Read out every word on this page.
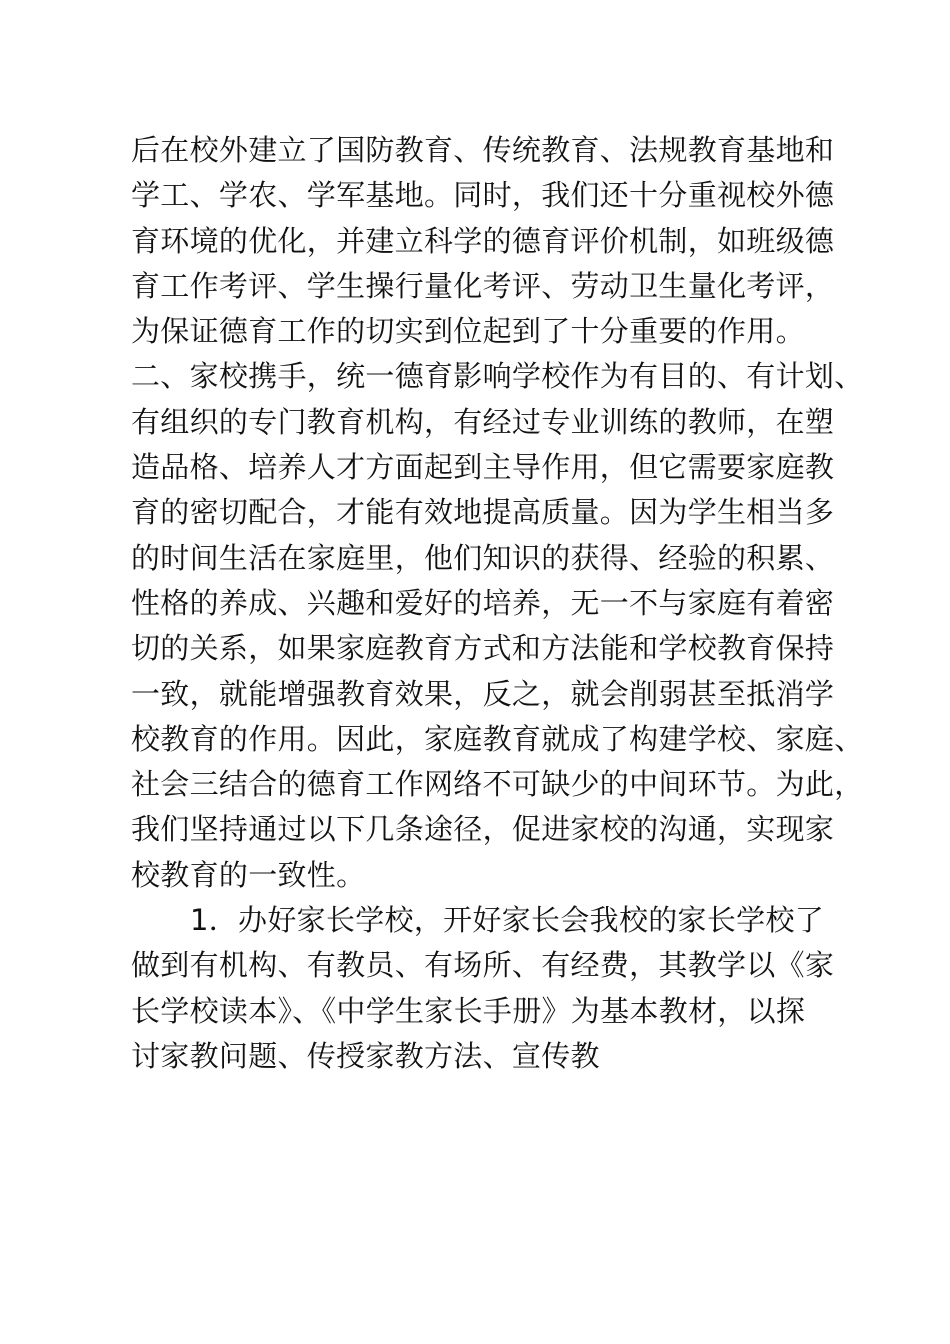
后在校外建立了国防教育、传统教育、法规教育基地和
学工、学农、学军基地。同时，我们还十分重视校外德
育环境的优化，并建立科学的德育评价机制，如班级德
育工作考评、学生操行量化考评、劳动卫生量化考评，
为保证德育工作的切实到位起到了十分重要的作用。
二、家校携手，统一德育影响学校作为有目的、有计划、
有组织的专门教育机构，有经过专业训练的教师，在塑
造品格、培养人才方面起到主导作用，但它需要家庭教
育的密切配合，才能有效地提高质量。因为学生相当多
的时间生活在家庭里，他们知识的获得、经验的积累、
性格的养成、兴趣和爱好的培养，无一不与家庭有着密
切的关系，如果家庭教育方式和方法能和学校教育保持
一致，就能增强教育效果，反之，就会削弱甚至抵消学
校教育的作用。因此，家庭教育就成了构建学校、家庭、
社会三结合的德育工作网络不可缺少的中间环节。为此，
我们坚持通过以下几条途径，促进家校的沟通，实现家
校教育的一致性。
1．办好家长学校，开好家长会我校的家长学校了
做到有机构、有教员、有场所、有经费，其教学以《家
长学校读本》、《中学生家长手册》为基本教材，以探
讨家教问题、传授家教方法、宣传教
